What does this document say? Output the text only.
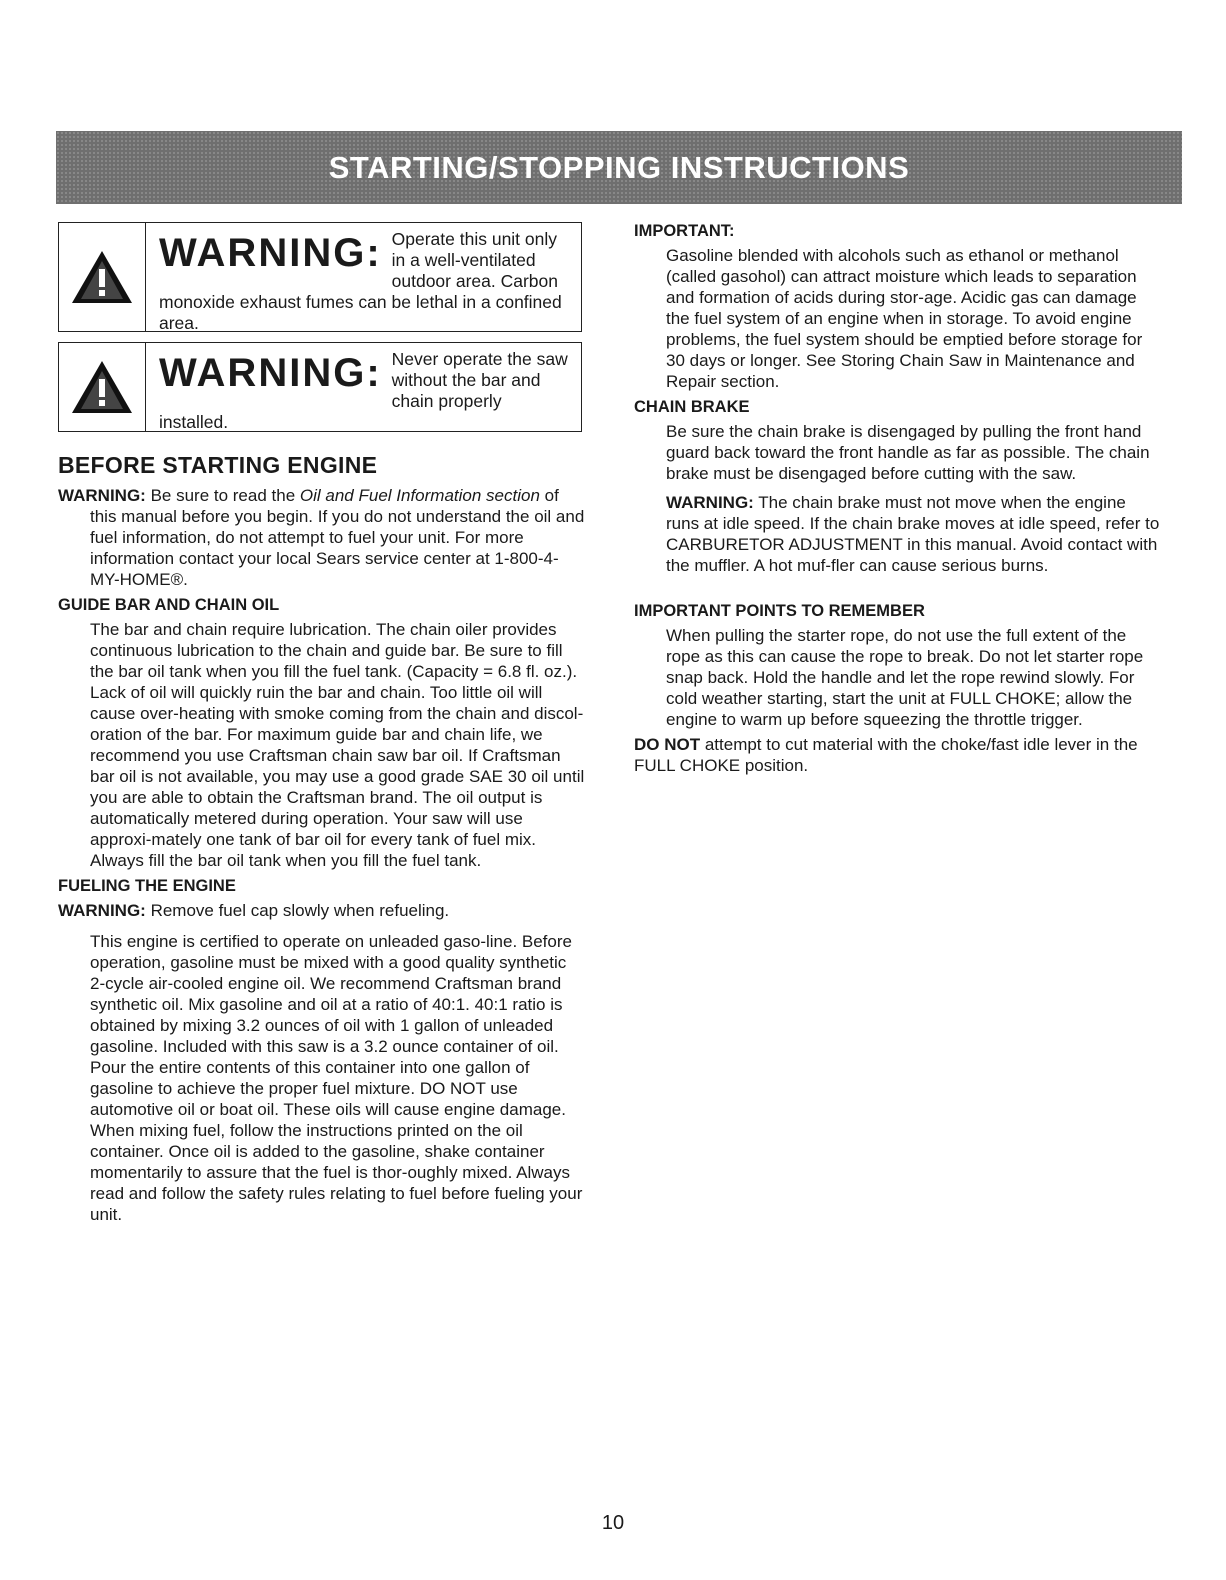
STARTING/STOPPING INSTRUCTIONS
WARNING: Operate this unit only in a well-ventilated outdoor area. Carbon monoxide exhaust fumes can be lethal in a confined area.
WARNING: Never operate the saw without the bar and chain properly installed.
BEFORE STARTING ENGINE

WARNING: Be sure to read the Oil and Fuel Information section of this manual before you begin. If you do not understand the oil and fuel information, do not attempt to fuel your unit. For more information contact your local Sears service center at 1-800-4-MY-HOME®.

GUIDE BAR AND CHAIN OIL

The bar and chain require lubrication. The chain oiler provides continuous lubrication to the chain and guide bar. Be sure to fill the bar oil tank when you fill the fuel tank. (Capacity = 6.8 fl. oz.). Lack of oil will quickly ruin the bar and chain. Too little oil will cause over-heating with smoke coming from the chain and discol-oration of the bar. For maximum guide bar and chain life, we recommend you use Craftsman chain saw bar oil. If Craftsman bar oil is not available, you may use a good grade SAE 30 oil until you are able to obtain the Craftsman brand. The oil output is automatically metered during operation. Your saw will use approxi-mately one tank of bar oil for every tank of fuel mix. Always fill the bar oil tank when you fill the fuel tank.

FUELING THE ENGINE

WARNING: Remove fuel cap slowly when refueling.

This engine is certified to operate on unleaded gaso-line. Before operation, gasoline must be mixed with a good quality synthetic 2-cycle air-cooled engine oil. We recommend Craftsman brand synthetic oil. Mix gasoline and oil at a ratio of 40:1. 40:1 ratio is obtained by mixing 3.2 ounces of oil with 1 gallon of unleaded gasoline. Included with this saw is a 3.2 ounce container of oil. Pour the entire contents of this container into one gallon of gasoline to achieve the proper fuel mixture. DO NOT use automotive oil or boat oil. These oils will cause engine damage. When mixing fuel, follow the instructions printed on the oil container. Once oil is added to the gasoline, shake container momentarily to assure that the fuel is thor-oughly mixed. Always read and follow the safety rules relating to fuel before fueling your unit.

IMPORTANT:

Gasoline blended with alcohols such as ethanol or methanol (called gasohol) can attract moisture which leads to separation and formation of acids during stor-age. Acidic gas can damage the fuel system of an engine when in storage. To avoid engine problems, the fuel system should be emptied before storage for 30 days or longer. See Storing Chain Saw in Maintenance and Repair section.

CHAIN BRAKE

Be sure the chain brake is disengaged by pulling the front hand guard back toward the front handle as far as possible. The chain brake must be disengaged before cutting with the saw.

WARNING: The chain brake must not move when the engine runs at idle speed. If the chain brake moves at idle speed, refer to CARBURETOR ADJUSTMENT in this manual. Avoid contact with the muffler. A hot muf-fler can cause serious burns.

IMPORTANT POINTS TO REMEMBER

When pulling the starter rope, do not use the full extent of the rope as this can cause the rope to break. Do not let starter rope snap back. Hold the handle and let the rope rewind slowly. For cold weather starting, start the unit at FULL CHOKE; allow the engine to warm up before squeezing the throttle trigger.

DO NOT attempt to cut material with the choke/fast idle lever in the FULL CHOKE position.

10
